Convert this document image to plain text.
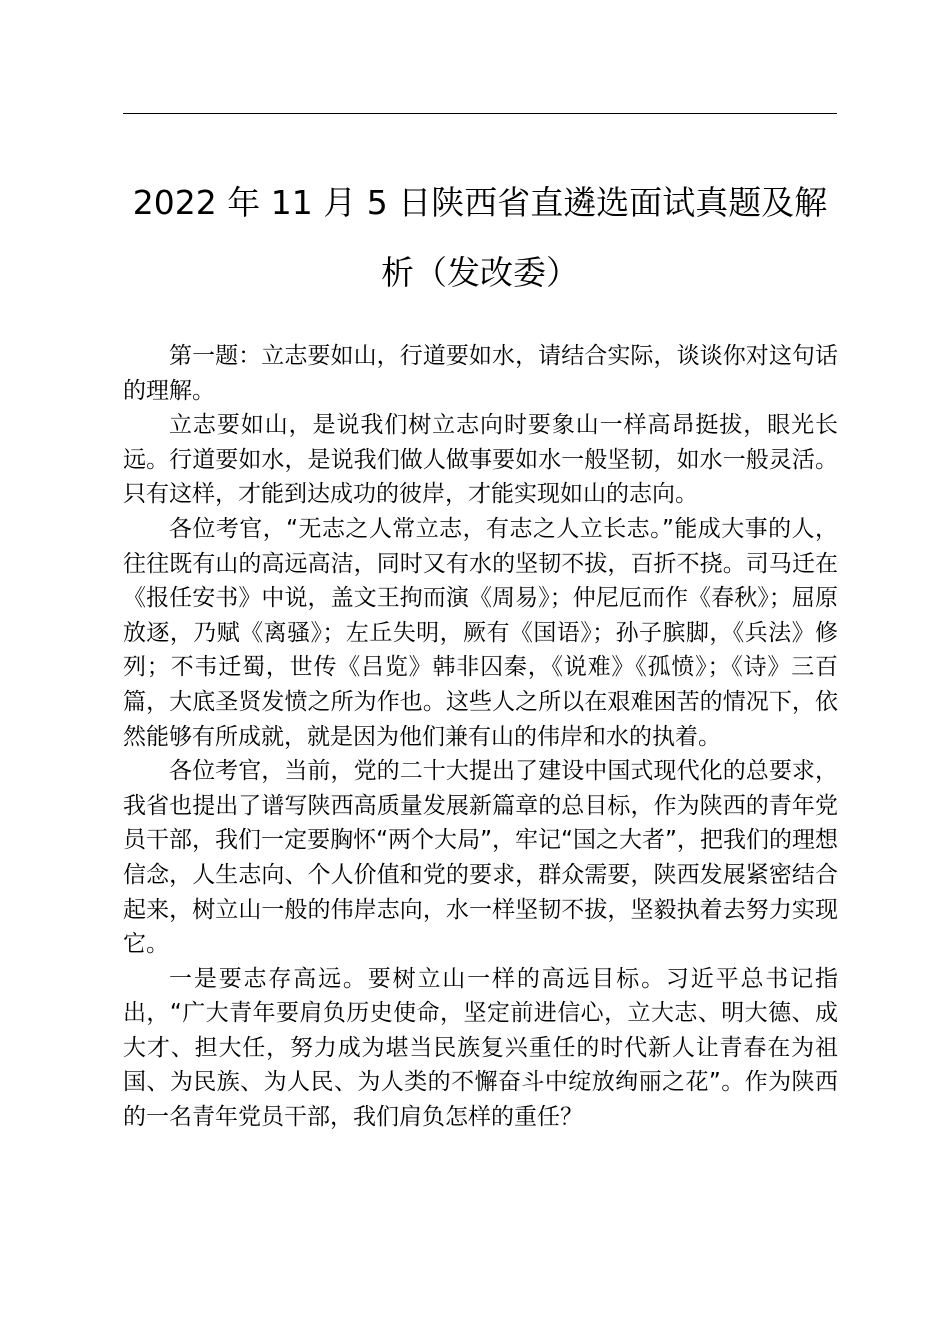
2022 年 11 月 5 日陕西省直遴选面试真题及解
析（发改委）

第一题：立志要如山，行道要如水，请结合实际，谈谈你对这句话的理解。

立志要如山，是说我们树立志向时要象山一样高昂挺拔，眼光长远。行道要如水，是说我们做人做事要如水一般坚韧，如水一般灵活。只有这样，才能到达成功的彼岸，才能实现如山的志向。

各位考官，“无志之人常立志，有志之人立长志。”能成大事的人，往往既有山的高远高洁，同时又有水的坚韧不拔，百折不挠。司马迁在《报任安书》中说，盖文王拘而演《周易》；仲尼厄而作《春秋》；屈原放逐，乃赋《离骚》；左丘失明，厥有《国语》；孙子膑脚，《兵法》修列；不韦迁蜀，世传《吕览》韩非囚秦，《说难》《孤愤》；《诗》三百篇，大底圣贤发愤之所为作也。这些人之所以在艰难困苦的情况下，依然能够有所成就，就是因为他们兼有山的伟岸和水的执着。

各位考官，当前，党的二十大提出了建设中国式现代化的总要求，我省也提出了谱写陕西高质量发展新篇章的总目标，作为陕西的青年党员干部，我们一定要胸怀“两个大局”，牢记“国之大者”，把我们的理想信念，人生志向、个人价值和党的要求，群众需要，陕西发展紧密结合起来，树立山一般的伟岸志向，水一样坚韧不拔，坚毅执着去努力实现它。

一是要志存高远。要树立山一样的高远目标。习近平总书记指出，“广大青年要肩负历史使命，坚定前进信心，立大志、明大德、成大才、担大任，努力成为堪当民族复兴重任的时代新人让青春在为祖国、为民族、为人民、为人类的不懈奋斗中绽放绚丽之花”。作为陕西的一名青年党员干部，我们肩负怎样的重任？
